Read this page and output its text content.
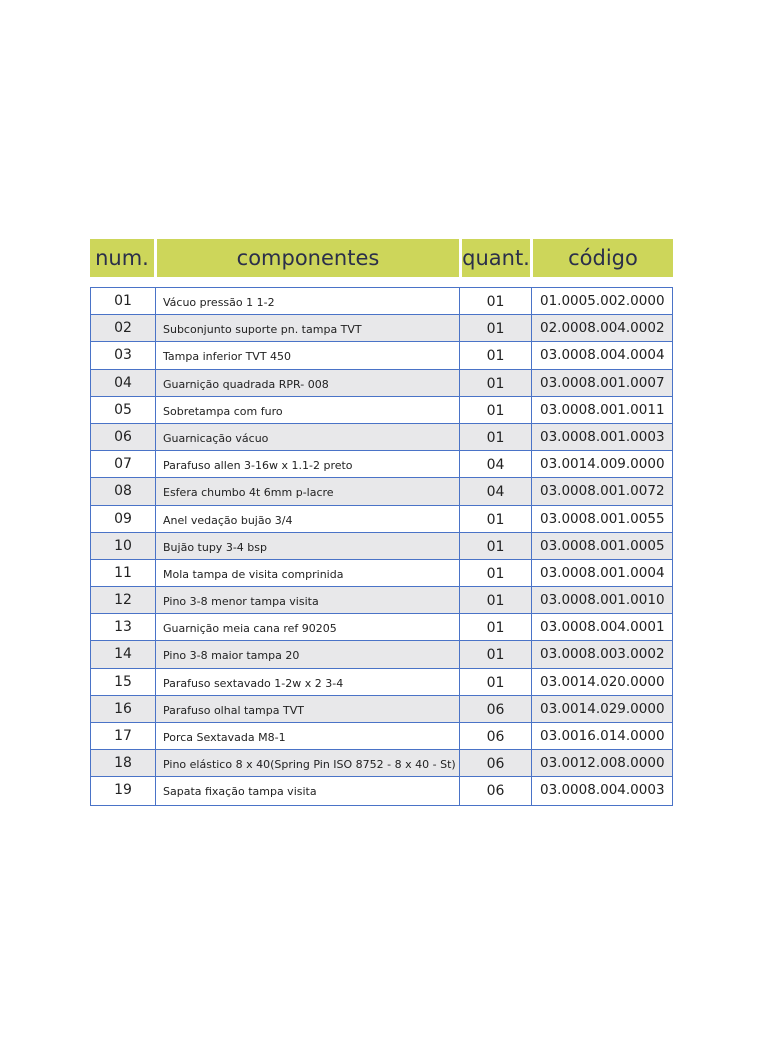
num.	componentes	quant.	código
01	Vácuo pressão 1 1-2	01	01.0005.002.0000
02	Subconjunto suporte pn. tampa TVT	01	02.0008.004.0002
03	Tampa inferior TVT 450	01	03.0008.004.0004
04	Guarnição quadrada RPR- 008	01	03.0008.001.0007
05	Sobretampa com furo	01	03.0008.001.0011
06	Guarnicação vácuo	01	03.0008.001.0003
07	Parafuso allen 3-16w x 1.1-2 preto	04	03.0014.009.0000
08	Esfera chumbo 4t 6mm p-lacre	04	03.0008.001.0072
09	Anel vedação bujão 3/4	01	03.0008.001.0055
10	Bujão tupy 3-4 bsp	01	03.0008.001.0005
11	Mola tampa de visita comprinida	01	03.0008.001.0004
12	Pino 3-8 menor tampa visita	01	03.0008.001.0010
13	Guarnição meia cana ref 90205	01	03.0008.004.0001
14	Pino 3-8 maior tampa 20	01	03.0008.003.0002
15	Parafuso sextavado 1-2w x 2 3-4	01	03.0014.020.0000
16	Parafuso olhal tampa TVT	06	03.0014.029.0000
17	Porca Sextavada M8-1	06	03.0016.014.0000
18	Pino elástico 8 x 40(Spring Pin ISO 8752 - 8 x 40 - St)	06	03.0012.008.0000
19	Sapata fixação tampa visita	06	03.0008.004.0003
